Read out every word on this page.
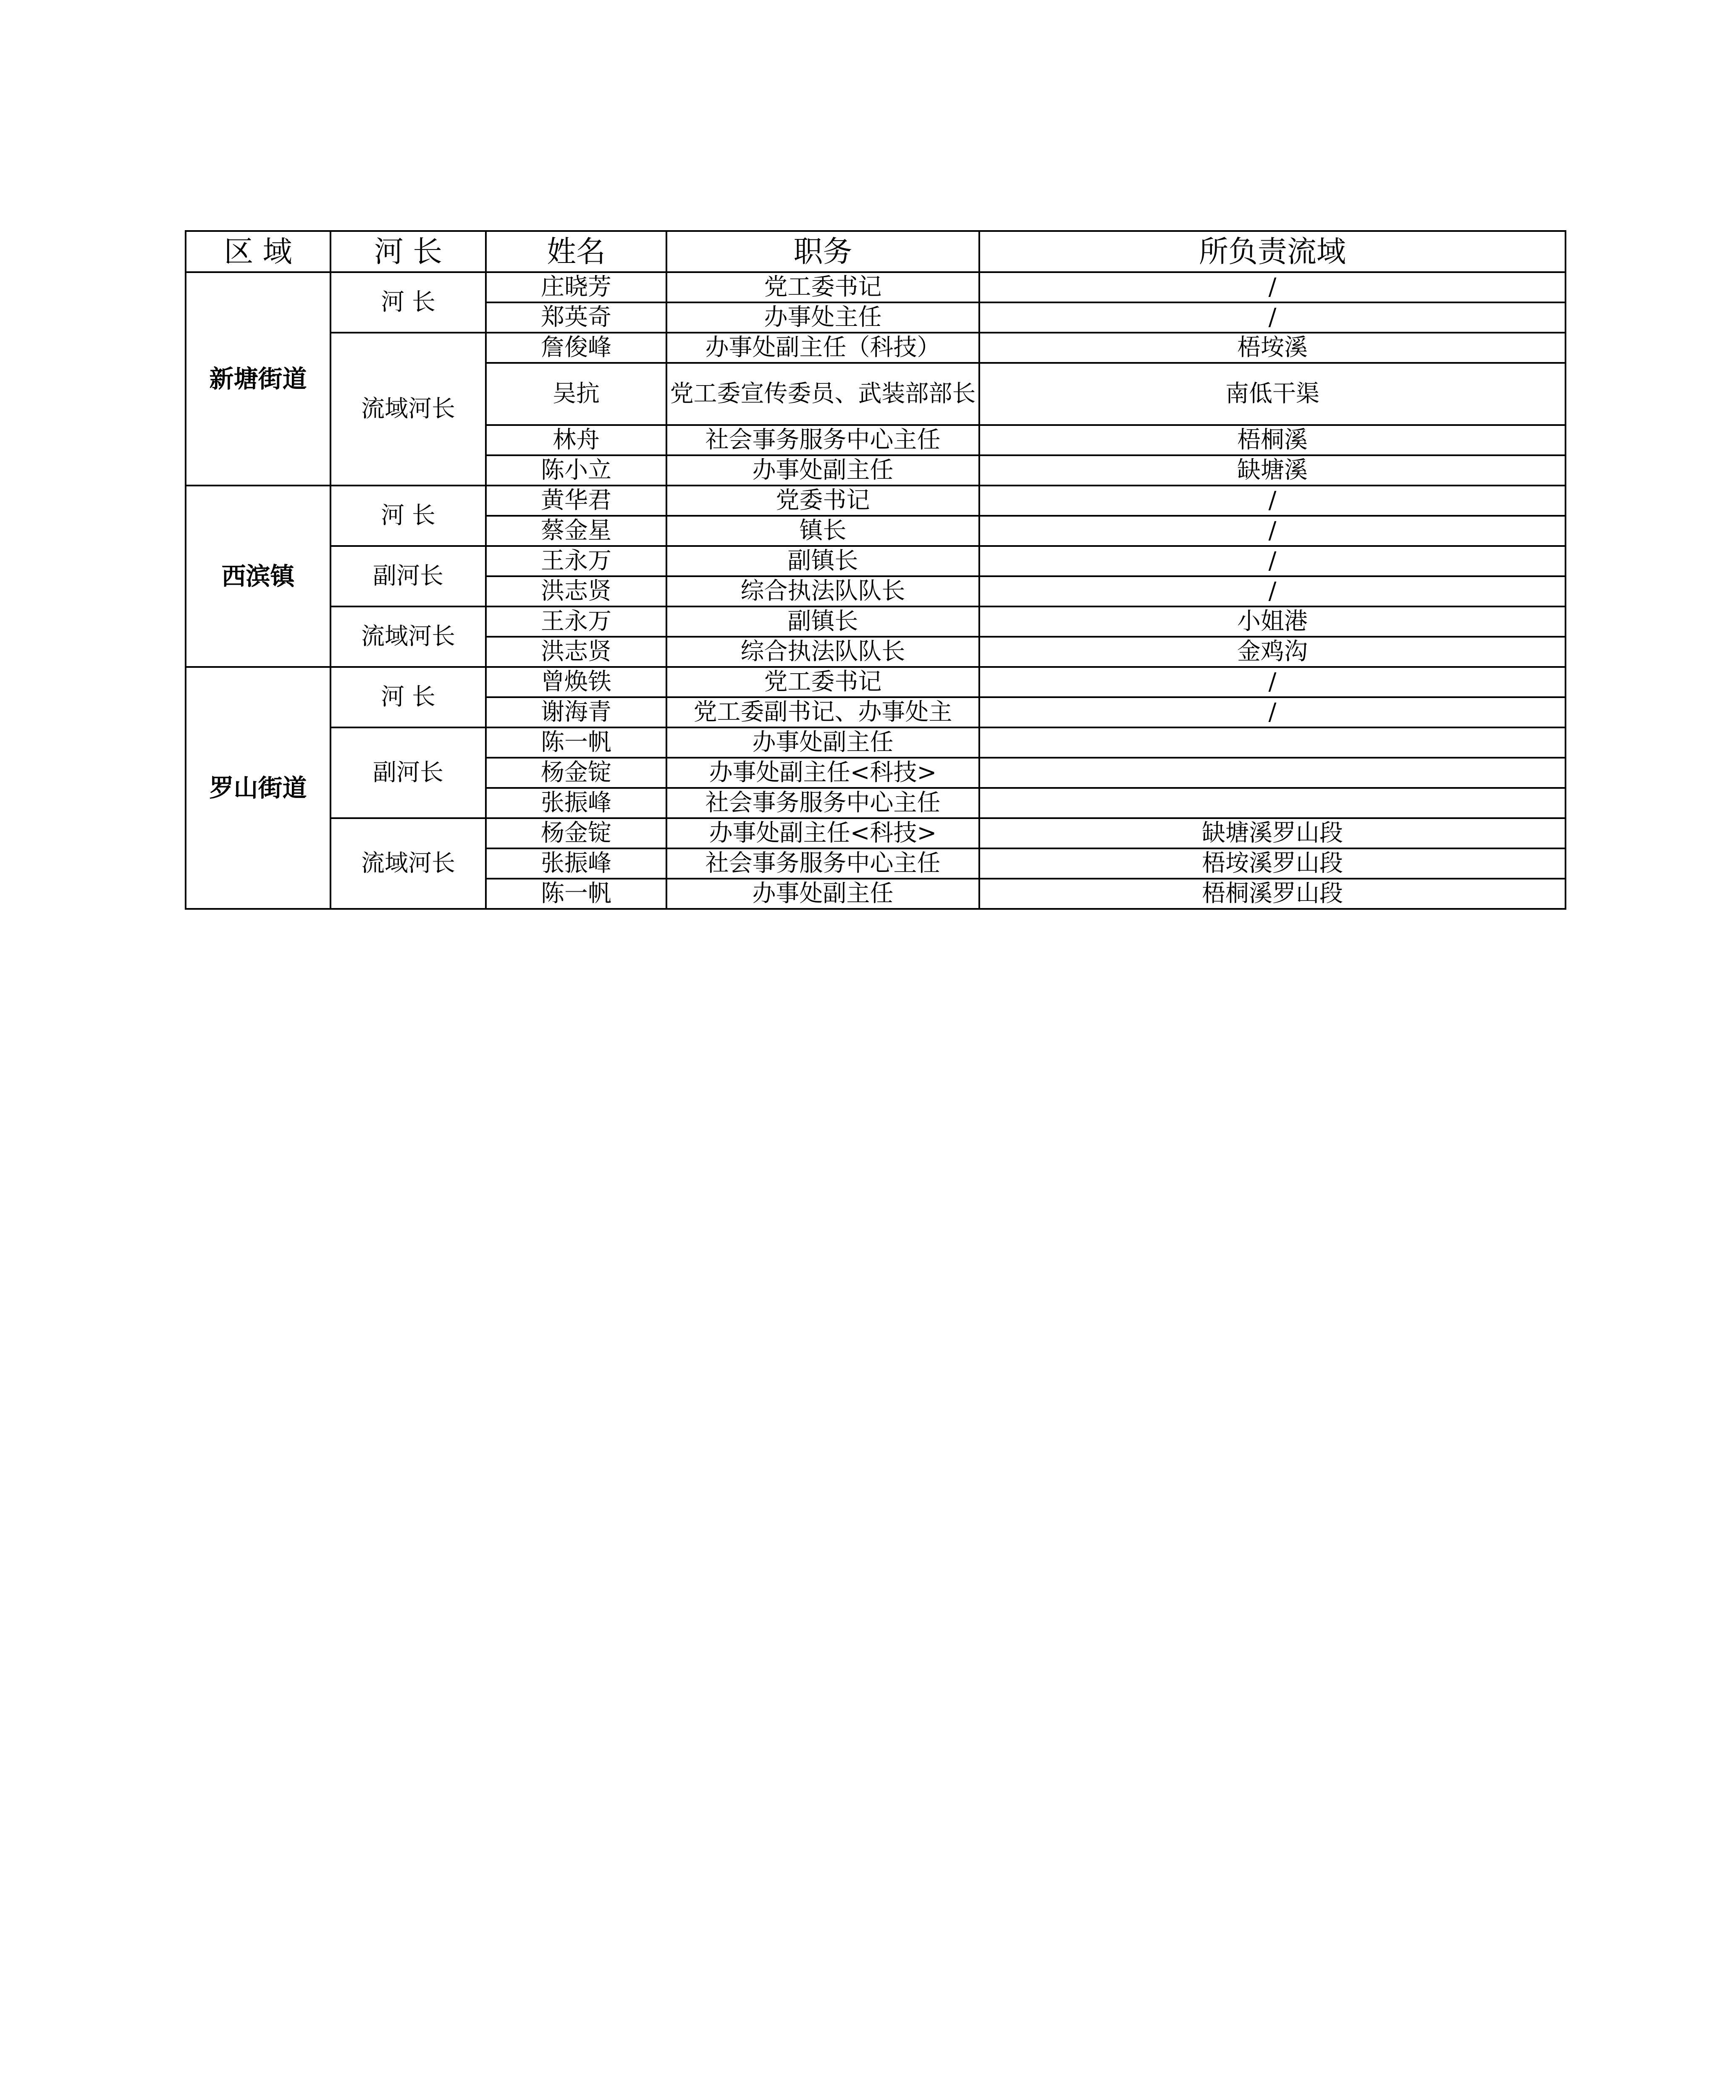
区 域	河 长	姓名	职务	所负责流域
新塘街道	河 长	庄晓芳	党工委书记	/
		郑英奇	办事处主任	/
	流域河长	詹俊峰	办事处副主任（科技）	梧垵溪
		吴抗	党工委宣传委员、武装部部长	南低干渠
		林舟	社会事务服务中心主任	梧桐溪
		陈小立	办事处副主任	缺塘溪
西滨镇	河 长	黄华君	党委书记	/
		蔡金星	镇长	/
	副河长	王永万	副镇长	/
		洪志贤	综合执法队队长	/
	流域河长	王永万	副镇长	小姐港
		洪志贤	综合执法队队长	金鸡沟
罗山街道	河 长	曾焕铁	党工委书记	/
		谢海青	党工委副书记、办事处主	/
	副河长	陈一帆	办事处副主任	
		杨金锭	办事处副主任<科技>	
		张振峰	社会事务服务中心主任	
	流域河长	杨金锭	办事处副主任<科技>	缺塘溪罗山段
		张振峰	社会事务服务中心主任	梧垵溪罗山段
		陈一帆	办事处副主任	梧桐溪罗山段
